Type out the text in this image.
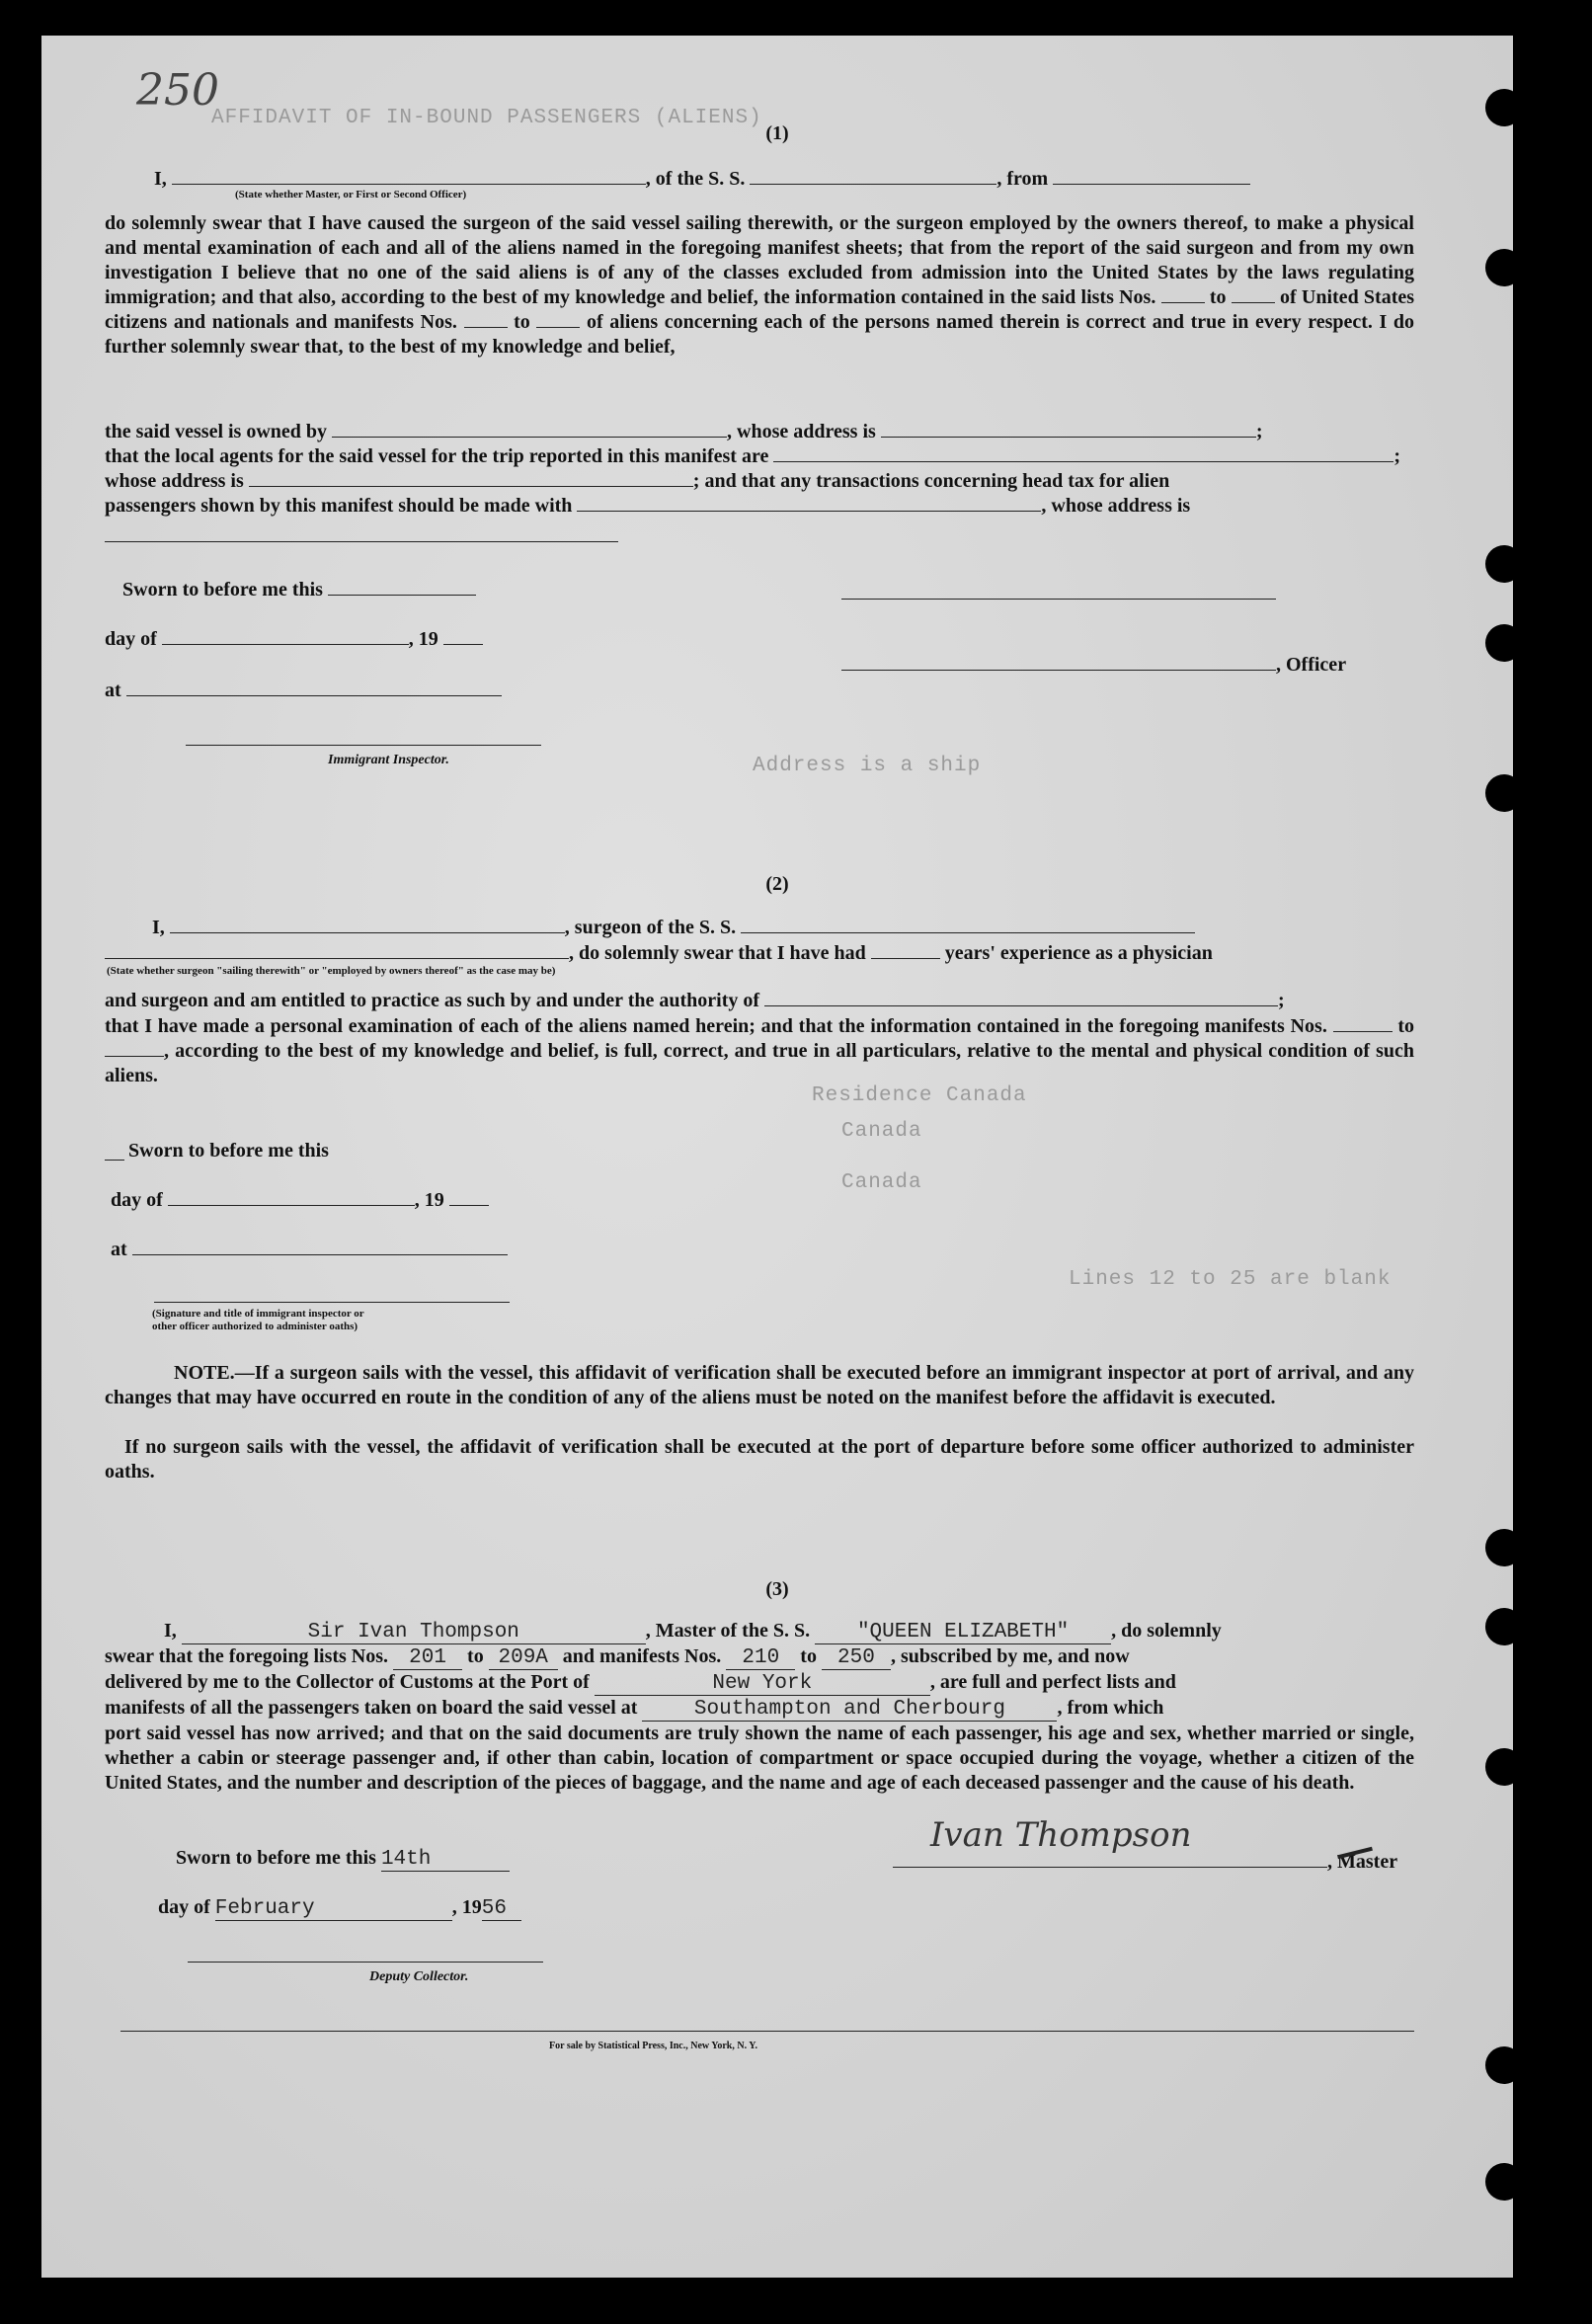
250
AFFIDAVIT OF IN-BOUND PASSENGERS (ALIENS)
Residence Canada
Address is a ship
Canada
Canada
Lines 12 to 25 are blank
(1)
I,	, of the S. S.	, from
(State whether Master, or First or Second Officer)
do solemnly swear that I have caused the surgeon of the said vessel sailing therewith, or the surgeon employed by the owners thereof, to make a physical and mental examination of each and all of the aliens named in the foregoing manifest sheets; that from the report of the said surgeon and from my own investigation I believe that no one of the said aliens is of any of the classes excluded from admission into the United States by the laws regulating immigration; and that also, according to the best of my knowledge and belief, the information contained in the said lists Nos.	to	of United States citizens and nationals and manifests Nos.	to	of aliens concerning each of the persons named therein is correct and true in every respect. I do further solemnly swear that, to the best of my knowledge and belief,
the said vessel is owned by	, whose address is	;
that the local agents for the said vessel for the trip reported in this manifest are	;
whose address is	; and that any transactions concerning head tax for alien
passengers shown by this manifest should be made with	, whose address is
Sworn to before me this
day of	, 19
, Officer
at
Immigrant Inspector.
(2)
I,	, surgeon of the S. S.
, do solemnly swear that I have had	years' experience as a physician
(State whether surgeon "sailing therewith" or "employed by owners thereof" as the case may be)
and surgeon and am entitled to practice as such by and under the authority of	;
that I have made a personal examination of each of the aliens named herein; and that the information contained in the foregoing manifests Nos.	to , according to the best of my knowledge and belief, is full, correct, and true in all particulars, relative to the mental and physical condition of such aliens.
Sworn to before me this
day of	, 19
at
(Signature and title of immigrant inspector or
other officer authorized to administer oaths)
NOTE.—If a surgeon sails with the vessel, this affidavit of verification shall be executed before an immigrant inspector at port of arrival, and any changes that may have occurred en route in the condition of any of the aliens must be noted on the manifest before the affidavit is executed.
If no surgeon sails with the vessel, the affidavit of verification shall be executed at the port of departure before some officer authorized to administer oaths.
(3)
I,	Sir Ivan Thompson	, Master of the S. S. "QUEEN ELIZABETH" , do solemnly
swear that the foregoing lists Nos. 201 to 209A and manifests Nos. 210 to 250 , subscribed by me, and now
delivered by me to the Collector of Customs at the Port of	New York	, are full and perfect lists and
manifests of all the passengers taken on board the said vessel at	Southampton and Cherbourg	, from which
port said vessel has now arrived; and that on the said documents are truly shown the name of each passenger, his age and sex, whether married or single, whether a cabin or steerage passenger and, if other than cabin, location of compartment or space occupied during the voyage, whether a citizen of the United States, and the number and description of the pieces of baggage, and the name and age of each deceased passenger and the cause of his death.
Sworn to before me this 14th	, Master
Ivan Thompson
day of February	, 1956
Deputy Collector.
For sale by Statistical Press, Inc., New York, N. Y.
